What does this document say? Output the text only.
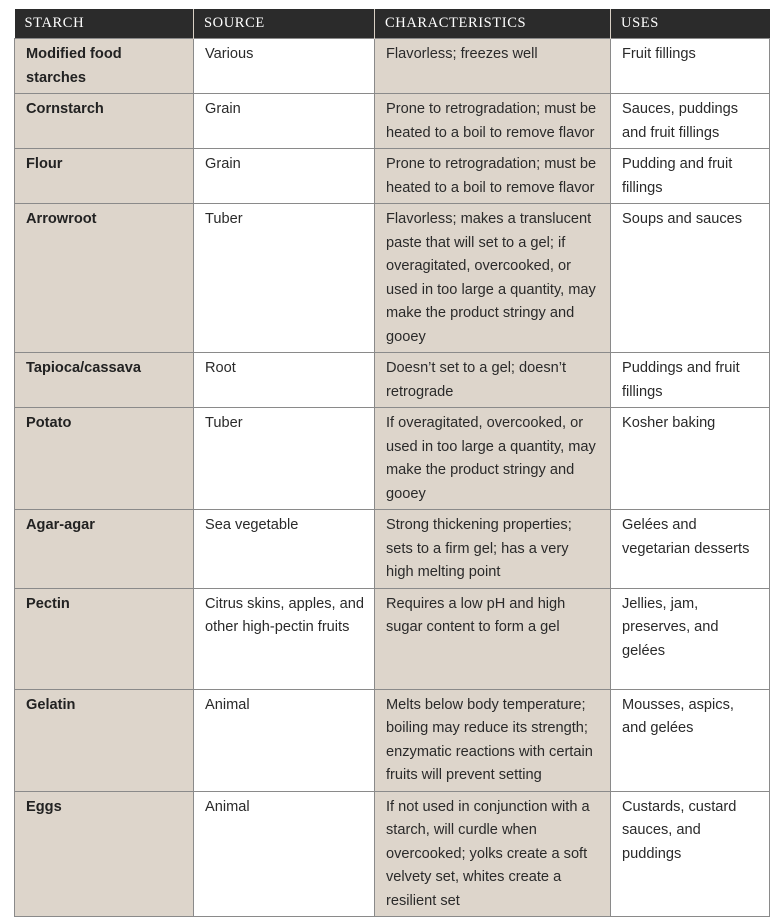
STARCH	SOURCE	CHARACTERISTICS	USES
Modified food starches	Various	Flavorless; freezes well	Fruit fillings
Cornstarch	Grain	Prone to retrogradation; must be heated to a boil to remove flavor	Sauces, puddings and fruit fillings
Flour	Grain	Prone to retrogradation; must be heated to a boil to remove flavor	Pudding and fruit fillings
Arrowroot	Tuber	Flavorless; makes a translucent paste that will set to a gel; if overagitated, overcooked, or used in too large a quantity, may make the product stringy and gooey	Soups and sauces
Tapioca/cassava	Root	Doesn’t set to a gel; doesn’t retrograde	Puddings and fruit fillings
Potato	Tuber	If overagitated, overcooked, or used in too large a quantity, may make the product stringy and gooey	Kosher baking
Agar-agar	Sea vegetable	Strong thickening properties; sets to a firm gel; has a very high melting point	Gelées and vegetarian desserts
Pectin	Citrus skins, apples, and other high-pectin fruits	Requires a low pH and high sugar content to form a gel	Jellies, jam, preserves, and gelées
Gelatin	Animal	Melts below body temperature; boiling may reduce its strength; enzymatic reactions with certain fruits will prevent setting	Mousses, aspics, and gelées
Eggs	Animal	If not used in conjunction with a starch, will curdle when overcooked; yolks create a soft velvety set, whites create a resilient set	Custards, custard sauces, and puddings
